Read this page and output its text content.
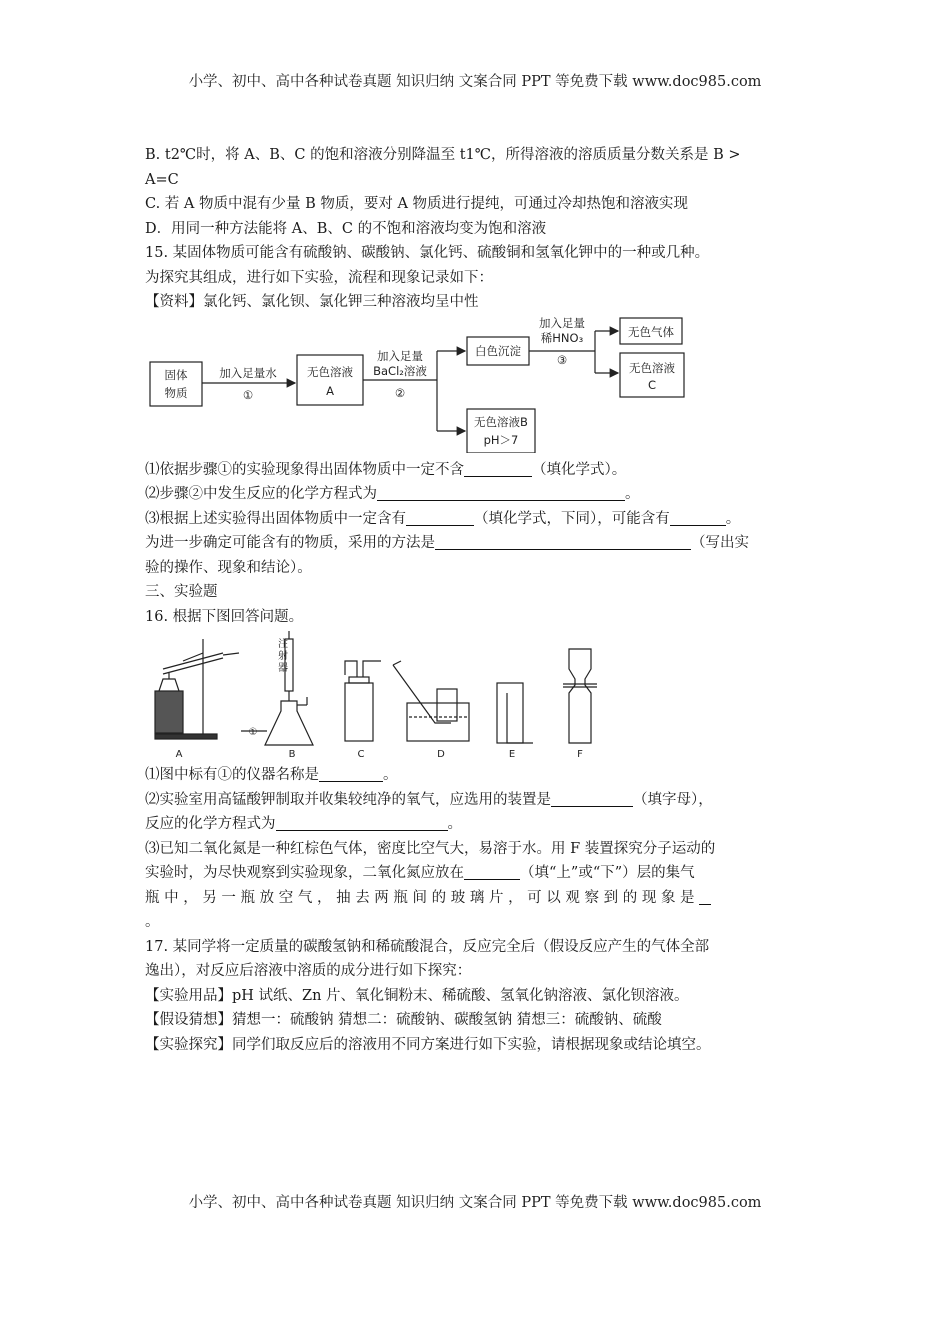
小学、初中、高中各种试卷真题 知识归纳 文案合同 PPT 等免费下载 www.doc985.com

B. t2℃时，将 A、B、C 的饱和溶液分别降温至 t1℃，所得溶液的溶质质量分数关系是 B >

A=C

C. 若 A 物质中混有少量 B 物质，要对 A 物质进行提纯，可通过冷却热饱和溶液实现

D．用同一种方法能将 A、B、C 的不饱和溶液均变为饱和溶液

15. 某固体物质可能含有硫酸钠、碳酸钠、氯化钙、硫酸铜和氢氧化钾中的一种或几种。

为探究其组成，进行如下实验，流程和现象记录如下：

【资料】氯化钙、氯化钡、氯化钾三种溶液均呈中性

固体
物质
加入足量水
①
无色溶液
A
加入足量
BaCl₂溶液
②
白色沉淀
无色溶液B
pH＞7
加入足量
稀HNO₃
③
无色气体
无色溶液
C

⑴依据步骤①的实验现象得出固体物质中一定不含	（填化学式）。

⑵步骤②中发生反应的化学方程式为	。

⑶根据上述实验得出固体物质中一定含有	（填化学式，下同），可能含有	。

为进一步确定可能含有的物质，采用的方法是	（写出实

验的操作、现象和结论）。

三、实验题

16. 根据下图回答问题。

注
射
器
①
A	B	C	D	E	F

⑴图中标有①的仪器名称是	。

⑵实验室用高锰酸钾制取并收集较纯净的氧气，应选用的装置是	（填字母），

反应的化学方程式为	。

⑶已知二氧化氮是一种红棕色气体，密度比空气大，易溶于水。用 F 装置探究分子运动的

实验时，为尽快观察到实验现象，二氧化氮应放在	（填“上”或“下”）层的集气

瓶 中 ， 另 一 瓶 放 空 气 ， 抽 去 两 瓶 间 的 玻 璃 片 ， 可 以 观 察 到 的 现 象 是

。

17. 某同学将一定质量的碳酸氢钠和稀硫酸混合，反应完全后（假设反应产生的气体全部

逸出），对反应后溶液中溶质的成分进行如下探究：

【实验用品】pH 试纸、Zn 片、氧化铜粉末、稀硫酸、氢氧化钠溶液、氯化钡溶液。

【假设猜想】猜想一：硫酸钠 猜想二：硫酸钠、碳酸氢钠 猜想三：硫酸钠、硫酸

【实验探究】同学们取反应后的溶液用不同方案进行如下实验，请根据现象或结论填空。

小学、初中、高中各种试卷真题 知识归纳 文案合同 PPT 等免费下载 www.doc985.com
